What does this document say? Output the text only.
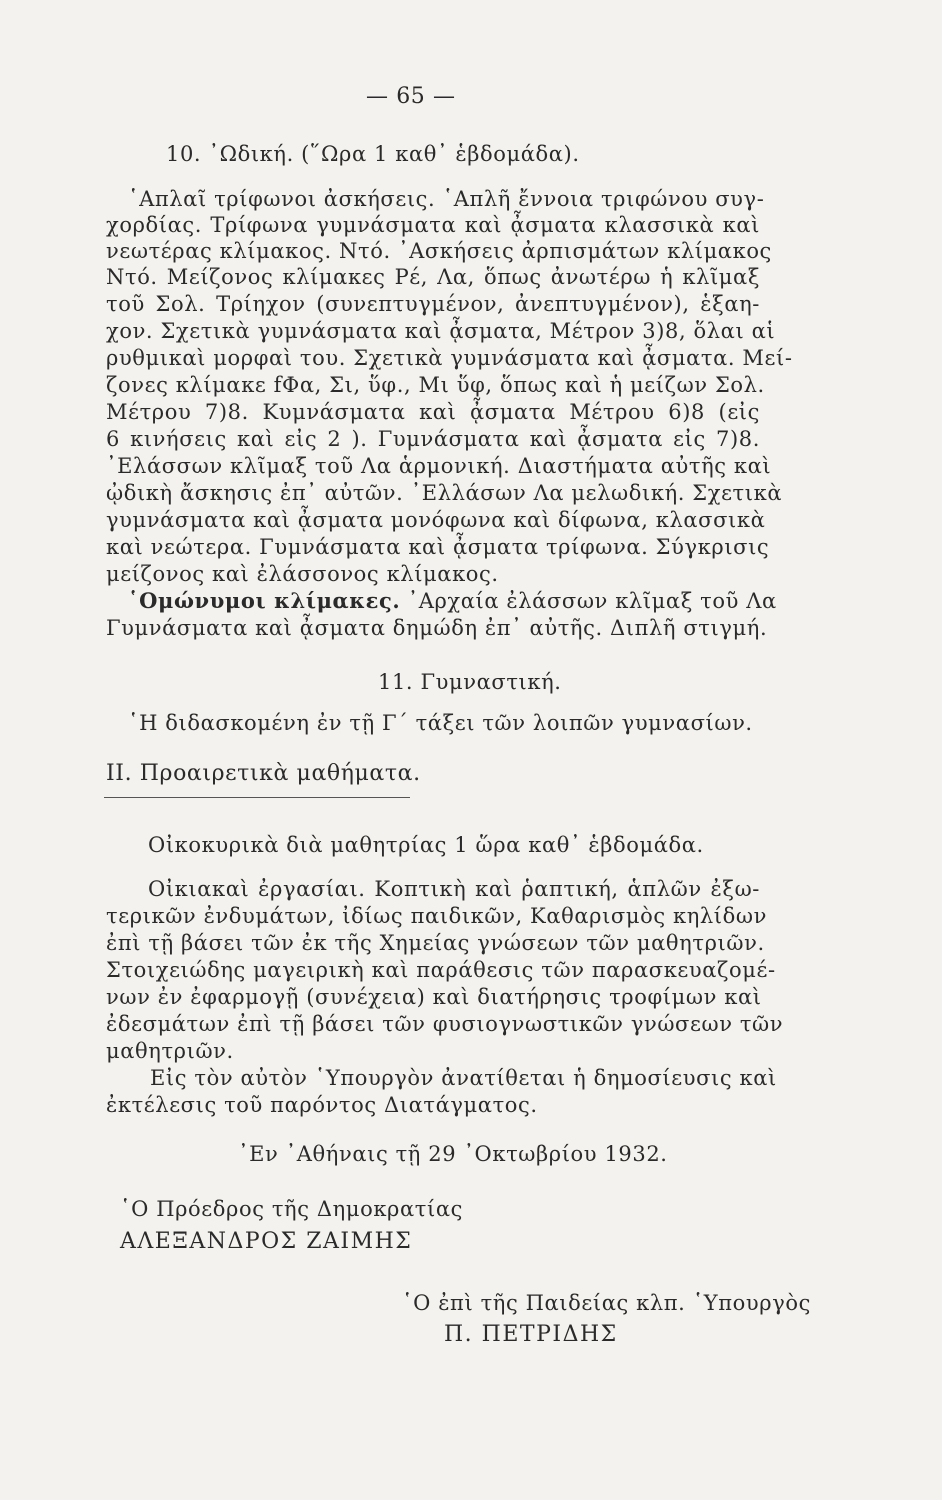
— 65 —
10. ᾿Ωδική. (῞Ωρα 1 καθ᾿ ἑβδομάδα).
῾Απλαῖ τρίφωνοι ἀσκήσεις. ῾Απλῆ ἔννοια τριφώνου συγ-
χορδίας. Τρίφωνα γυμνάσματα καὶ ᾆσματα κλασσικὰ καὶ
νεωτέρας κλίμακος. Ντό. ᾿Ασκήσεις ἀρπισμάτων κλίμακος
Ντό. Μείζονος κλίμακες Ρέ, Λα, ὅπως ἀνωτέρω ἡ κλῖμαξ
τοῦ Σολ. Τρίηχον (συνεπτυγμένον, ἀνεπτυγμένον), ἑξαη-
χον. Σχετικὰ γυμνάσματα καὶ ᾆσματα, Μέτρον 3)8, ὅλαι αἱ
ρυθμικαὶ μορφαὶ του. Σχετικὰ γυμνάσματα καὶ ᾆσματα. Μεί-
ζονες κλίμακε fΦα, Σι, ὕφ., Μι ὕφ, ὅπως καὶ ἡ μείζων Σολ.
Μέτρου 7)8. Κυμνάσματα καὶ ᾆσματα Μέτρου 6)8 (εἰς
6 κινήσεις καὶ εἰς 2 ). Γυμνάσματα καὶ ᾆσματα εἰς 7)8.
᾿Ελάσσων κλῖμαξ τοῦ Λα ἁρμονική. Διαστήματα αὐτῆς καὶ
ᾠδικὴ ἄσκησις ἐπ᾿ αὐτῶν. ᾿Ελλάσων Λα μελωδική. Σχετικὰ
γυμνάσματα καὶ ᾆσματα μονόφωνα καὶ δίφωνα, κλασσικὰ
καὶ νεώτερα. Γυμνάσματα καὶ ᾆσματα τρίφωνα. Σύγκρισις
μείζονος καὶ ἐλάσσονος κλίμακος.
῾Ομώνυμοι κλίμακες. ᾿Αρχαία ἐλάσσων κλῖμαξ τοῦ Λα
Γυμνάσματα καὶ ᾆσματα δημώδη ἐπ᾿ αὐτῆς. Διπλῆ στιγμή.
11. Γυμναστική.
῾Η διδασκομένη ἐν τῇ Γ´ τάξει τῶν λοιπῶν γυμνασίων.
ΙΙ. Προαιρετικὰ μαθήματα.
Οἰκοκυρικὰ διὰ μαθητρίας 1 ὥρα καθ᾿ ἑβδομάδα.
Οἰκιακαὶ ἐργασίαι. Κοπτικὴ καὶ ῥαπτική, ἁπλῶν ἐξω-
τερικῶν ἐνδυμάτων, ἰδίως παιδικῶν, Καθαρισμὸς κηλίδων
ἐπὶ τῇ βάσει τῶν ἐκ τῆς Χημείας γνώσεων τῶν μαθητριῶν.
Στοιχειώδης μαγειρικὴ καὶ παράθεσις τῶν παρασκευαζομέ-
νων ἐν ἐφαρμογῇ (συνέχεια) καὶ διατήρησις τροφίμων καὶ
ἐδεσμάτων ἐπὶ τῇ βάσει τῶν φυσιογνωστικῶν γνώσεων τῶν
μαθητριῶν.
Εἰς τὸν αὐτὸν ῾Υπουργὸν ἀνατίθεται ἡ δημοσίευσις καὶ
ἐκτέλεσις τοῦ παρόντος Διατάγματος.
᾿Εν ᾿Αθήναις τῇ 29 ᾿Οκτωβρίου 1932.
῾Ο Πρόεδρος τῆς Δημοκρατίας
ΑΛΕΞΑΝΔΡΟΣ ΖΑΙΜΗΣ
῾Ο ἐπὶ τῆς Παιδείας κλπ. ῾Υπουργὸς
Π. ΠΕΤΡΙΔΗΣ
